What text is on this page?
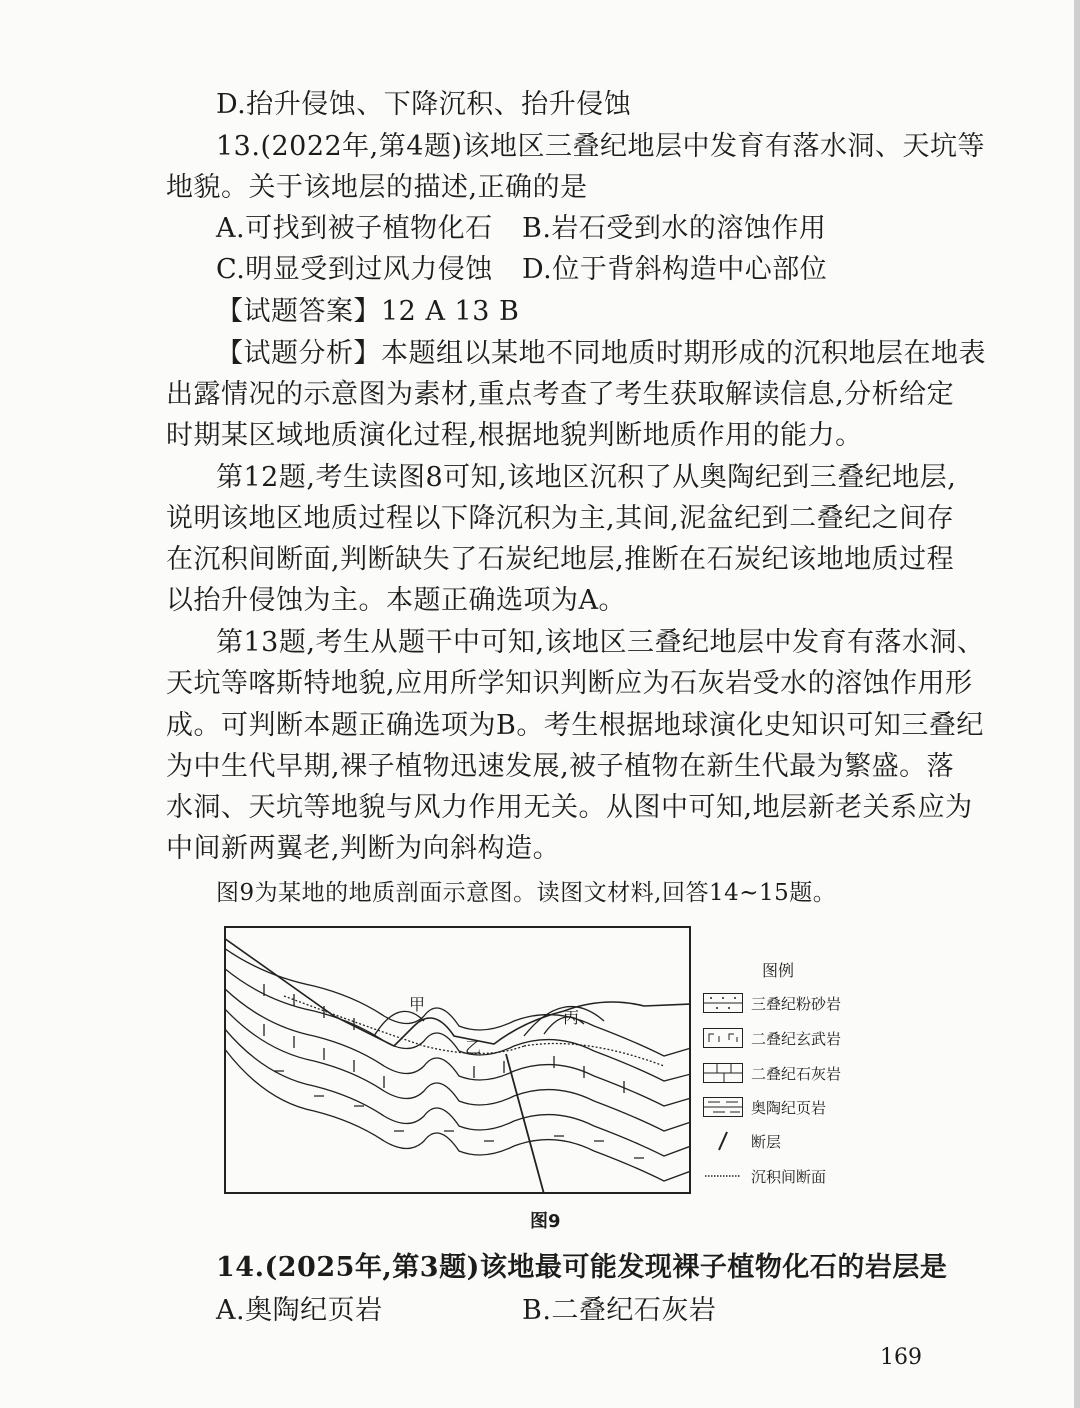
D.抬升侵蚀、下降沉积、抬升侵蚀
13.(2022年,第4题)该地区三叠纪地层中发育有落水洞、天坑等
地貌。关于该地层的描述,正确的是
A.可找到被子植物化石 B.岩石受到水的溶蚀作用
C.明显受到过风力侵蚀 D.位于背斜构造中心部位
【试题答案】12 A 13 B
【试题分析】本题组以某地不同地质时期形成的沉积地层在地表
出露情况的示意图为素材,重点考查了考生获取解读信息,分析给定
时期某区域地质演化过程,根据地貌判断地质作用的能力。
第12题,考生读图8可知,该地区沉积了从奥陶纪到三叠纪地层,
说明该地区地质过程以下降沉积为主,其间,泥盆纪到二叠纪之间存
在沉积间断面,判断缺失了石炭纪地层,推断在石炭纪该地地质过程
以抬升侵蚀为主。本题正确选项为A。
第13题,考生从题干中可知,该地区三叠纪地层中发育有落水洞、
天坑等喀斯特地貌,应用所学知识判断应为石灰岩受水的溶蚀作用形
成。可判断本题正确选项为B。考生根据地球演化史知识可知三叠纪
为中生代早期,裸子植物迅速发展,被子植物在新生代最为繁盛。落
水洞、天坑等地貌与风力作用无关。从图中可知,地层新老关系应为
中间新两翼老,判断为向斜构造。
图9为某地的地质剖面示意图。读图文材料,回答14~15题。
甲
乙
丙
图例
三叠纪粉砂岩
二叠纪玄武岩
二叠纪石灰岩
奥陶纪页岩
断层
沉积间断面
图9
14.(2025年,第3题)该地最可能发现裸子植物化石的岩层是
A.奥陶纪页岩	B.二叠纪石灰岩
169
